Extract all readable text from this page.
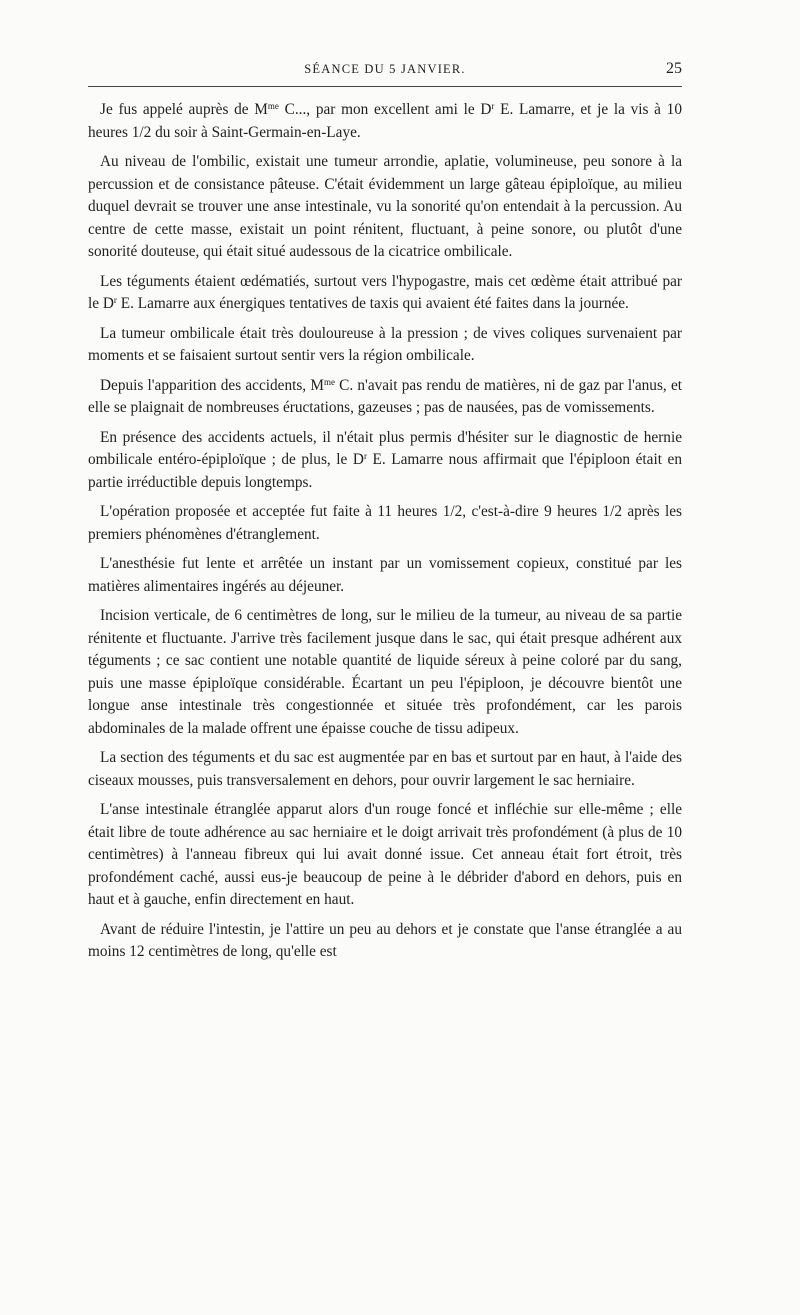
SÉANCE DU 5 JANVIER.	25

Je fus appelé auprès de $M^{me}$ C..., par mon excellent ami le $D^r$ E. Lamarre, et je la vis à 10 heures 1/2 du soir à Saint-Germain-en-Laye.

Au niveau de l'ombilic, existait une tumeur arrondie, aplatie, volumineuse, peu sonore à la percussion et de consistance pâteuse. C'était évidemment un large gâteau épiploïque, au milieu duquel devrait se trouver une anse intestinale, vu la sonorité qu'on entendait à la percussion. Au centre de cette masse, existait un point rénitent, fluctuant, à peine sonore, ou plutôt d'une sonorité douteuse, qui était situé audessous de la cicatrice ombilicale.

Les téguments étaient œdématiés, surtout vers l'hypogastre, mais cet œdème était attribué par le $D^r$ E. Lamarre aux énergiques tentatives de taxis qui avaient été faites dans la journée.

La tumeur ombilicale était très douloureuse à la pression ; de vives coliques survenaient par moments et se faisaient surtout sentir vers la région ombilicale.

Depuis l'apparition des accidents, $M^{me}$ C. n'avait pas rendu de matières, ni de gaz par l'anus, et elle se plaignait de nombreuses éructations, gazeuses ; pas de nausées, pas de vomissements.

En présence des accidents actuels, il n'était plus permis d'hésiter sur le diagnostic de hernie ombilicale entéro-épiploïque ; de plus, le $D^r$ E. Lamarre nous affirmait que l'épiploon était en partie irréductible depuis longtemps.

L'opération proposée et acceptée fut faite à 11 heures 1/2, c'est-à-dire 9 heures 1/2 après les premiers phénomènes d'étranglement.

L'anesthésie fut lente et arrêtée un instant par un vomissement copieux, constitué par les matières alimentaires ingérés au déjeuner.

Incision verticale, de 6 centimètres de long, sur le milieu de la tumeur, au niveau de sa partie rénitente et fluctuante. J'arrive très facilement jusque dans le sac, qui était presque adhérent aux téguments ; ce sac contient une notable quantité de liquide séreux à peine coloré par du sang, puis une masse épiploïque considérable. Écartant un peu l'épiploon, je découvre bientôt une longue anse intestinale très congestionnée et située très profondément, car les parois abdominales de la malade offrent une épaisse couche de tissu adipeux.

La section des téguments et du sac est augmentée par en bas et surtout par en haut, à l'aide des ciseaux mousses, puis transversalement en dehors, pour ouvrir largement le sac herniaire.

L'anse intestinale étranglée apparut alors d'un rouge foncé et infléchie sur elle-même ; elle était libre de toute adhérence au sac herniaire et le doigt arrivait très profondément (à plus de 10 centimètres) à l'anneau fibreux qui lui avait donné issue. Cet anneau était fort étroit, très profondément caché, aussi eus-je beaucoup de peine à le débrider d'abord en dehors, puis en haut et à gauche, enfin directement en haut.

Avant de réduire l'intestin, je l'attire un peu au dehors et je constate que l'anse étranglée a au moins 12 centimètres de long, qu'elle est
